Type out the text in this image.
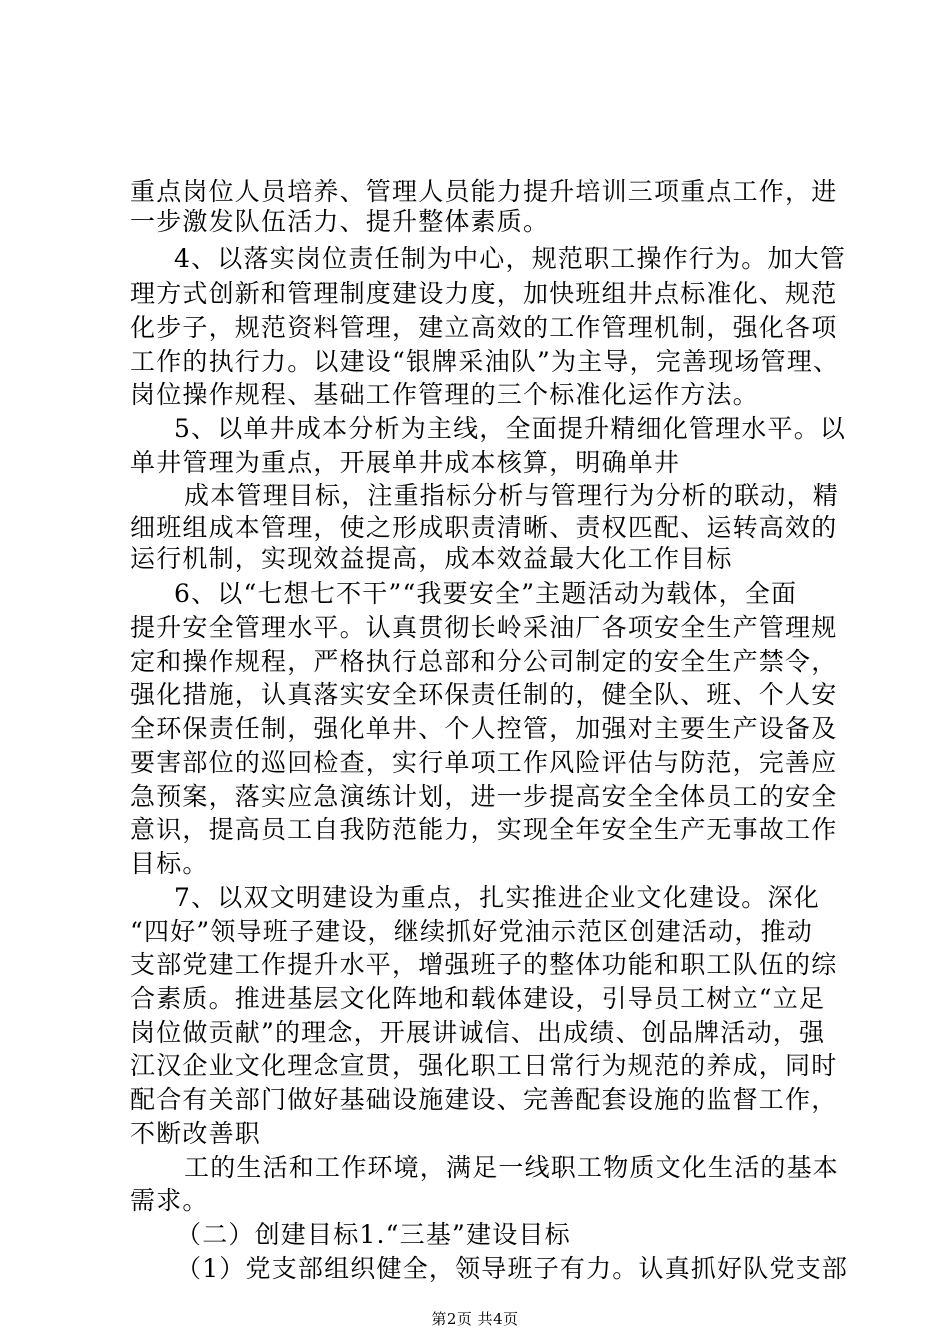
重点岗位人员培养、管理人员能力提升培训三项重点工作，进
一步激发队伍活力、提升整体素质。
4、以落实岗位责任制为中心，规范职工操作行为。加大管
理方式创新和管理制度建设力度，加快班组井点标准化、规范
化步子，规范资料管理，建立高效的工作管理机制，强化各项
工作的执行力。以建设“银牌采油队”为主导，完善现场管理、
岗位操作规程、基础工作管理的三个标准化运作方法。
5、以单井成本分析为主线，全面提升精细化管理水平。以
单井管理为重点，开展单井成本核算，明确单井
成本管理目标，注重指标分析与管理行为分析的联动，精
细班组成本管理，使之形成职责清晰、责权匹配、运转高效的
运行机制，实现效益提高，成本效益最大化工作目标
6、以“七想七不干”“我要安全”主题活动为载体，全面
提升安全管理水平。认真贯彻长岭采油厂各项安全生产管理规
定和操作规程，严格执行总部和分公司制定的安全生产禁令，
强化措施，认真落实安全环保责任制的，健全队、班、个人安
全环保责任制，强化单井、个人控管，加强对主要生产设备及
要害部位的巡回检查，实行单项工作风险评估与防范，完善应
急预案，落实应急演练计划，进一步提高安全全体员工的安全
意识，提高员工自我防范能力，实现全年安全生产无事故工作
目标。
7、以双文明建设为重点，扎实推进企业文化建设。深化
“四好”领导班子建设，继续抓好党油示范区创建活动，推动
支部党建工作提升水平，增强班子的整体功能和职工队伍的综
合素质。推进基层文化阵地和载体建设，引导员工树立“立足
岗位做贡献”的理念，开展讲诚信、出成绩、创品牌活动，强
江汉企业文化理念宣贯，强化职工日常行为规范的养成，同时
配合有关部门做好基础设施建设、完善配套设施的监督工作，
不断改善职
工的生活和工作环境，满足一线职工物质文化生活的基本
需求。
（二）创建目标1.“三基”建设目标
（1）党支部组织健全，领导班子有力。认真抓好队党支部
第2页 共4页
